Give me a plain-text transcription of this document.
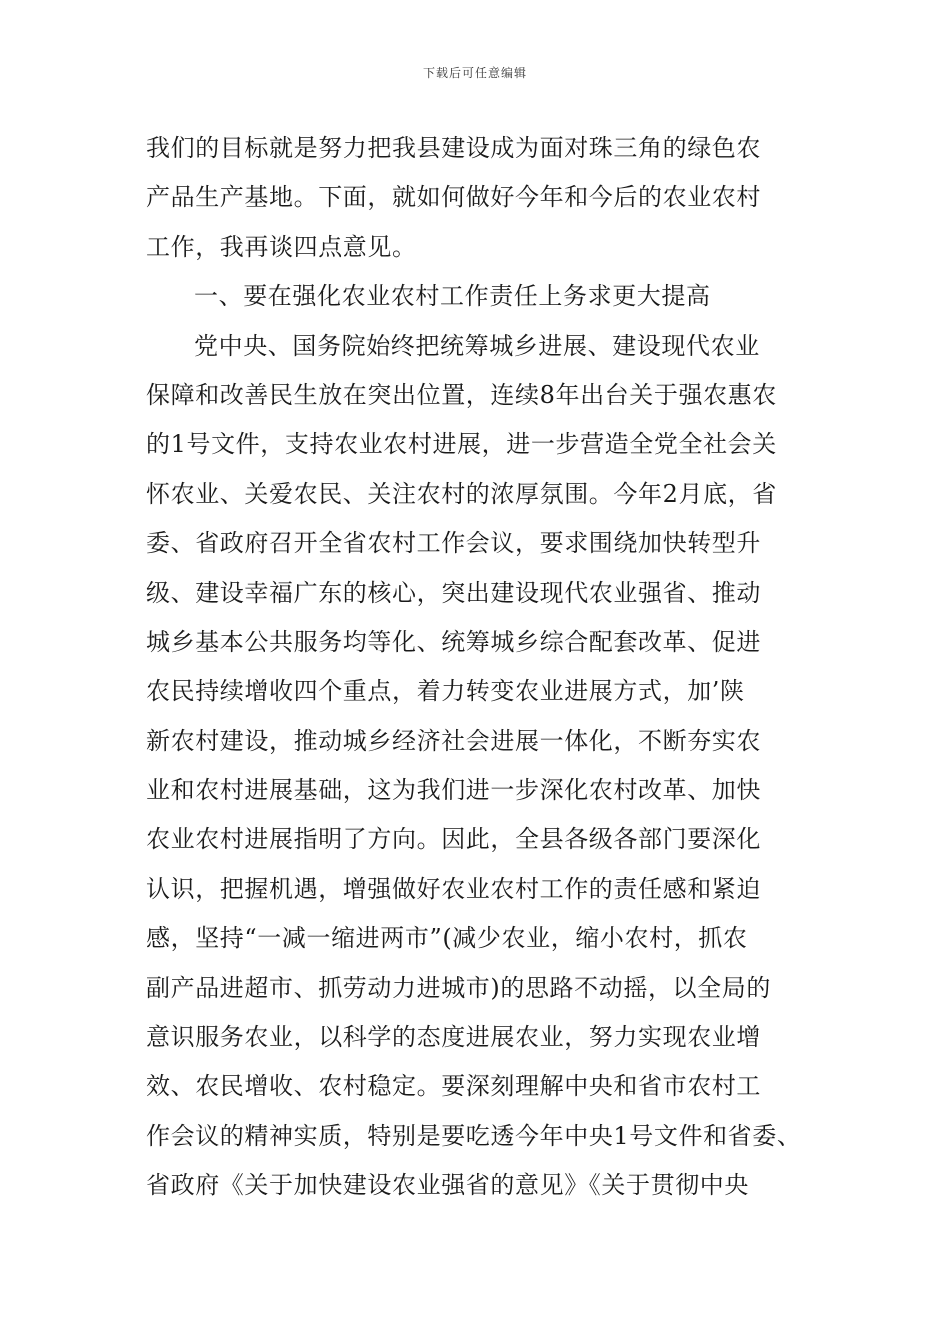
下载后可任意编辑
我们的目标就是努力把我县建设成为面对珠三角的绿色农
产品生产基地。下面，就如何做好今年和今后的农业农村
工作，我再谈四点意见。
一、要在强化农业农村工作责任上务求更大提高
党中央、国务院始终把统筹城乡进展、建设现代农业
保障和改善民生放在突出位置，连续8年出台关于强农惠农
的1号文件，支持农业农村进展，进一步营造全党全社会关
怀农业、关爱农民、关注农村的浓厚氛围。今年2月底，省
委、省政府召开全省农村工作会议，要求围绕加快转型升
级、建设幸福广东的核心，突出建设现代农业强省、推动
城乡基本公共服务均等化、统筹城乡综合配套改革、促进
农民持续增收四个重点，着力转变农业进展方式，加’陕
新农村建设，推动城乡经济社会进展一体化，不断夯实农
业和农村进展基础，这为我们进一步深化农村改革、加快
农业农村进展指明了方向。因此，全县各级各部门要深化
认识，把握机遇，增强做好农业农村工作的责任感和紧迫
感，坚持“一减一缩进两市”(减少农业，缩小农村，抓农
副产品进超市、抓劳动力进城市)的思路不动摇，以全局的
意识服务农业，以科学的态度进展农业，努力实现农业增
效、农民增收、农村稳定。要深刻理解中央和省市农村工
作会议的精神实质，特别是要吃透今年中央1号文件和省委、
省政府《关于加快建设农业强省的意见》《关于贯彻中央
